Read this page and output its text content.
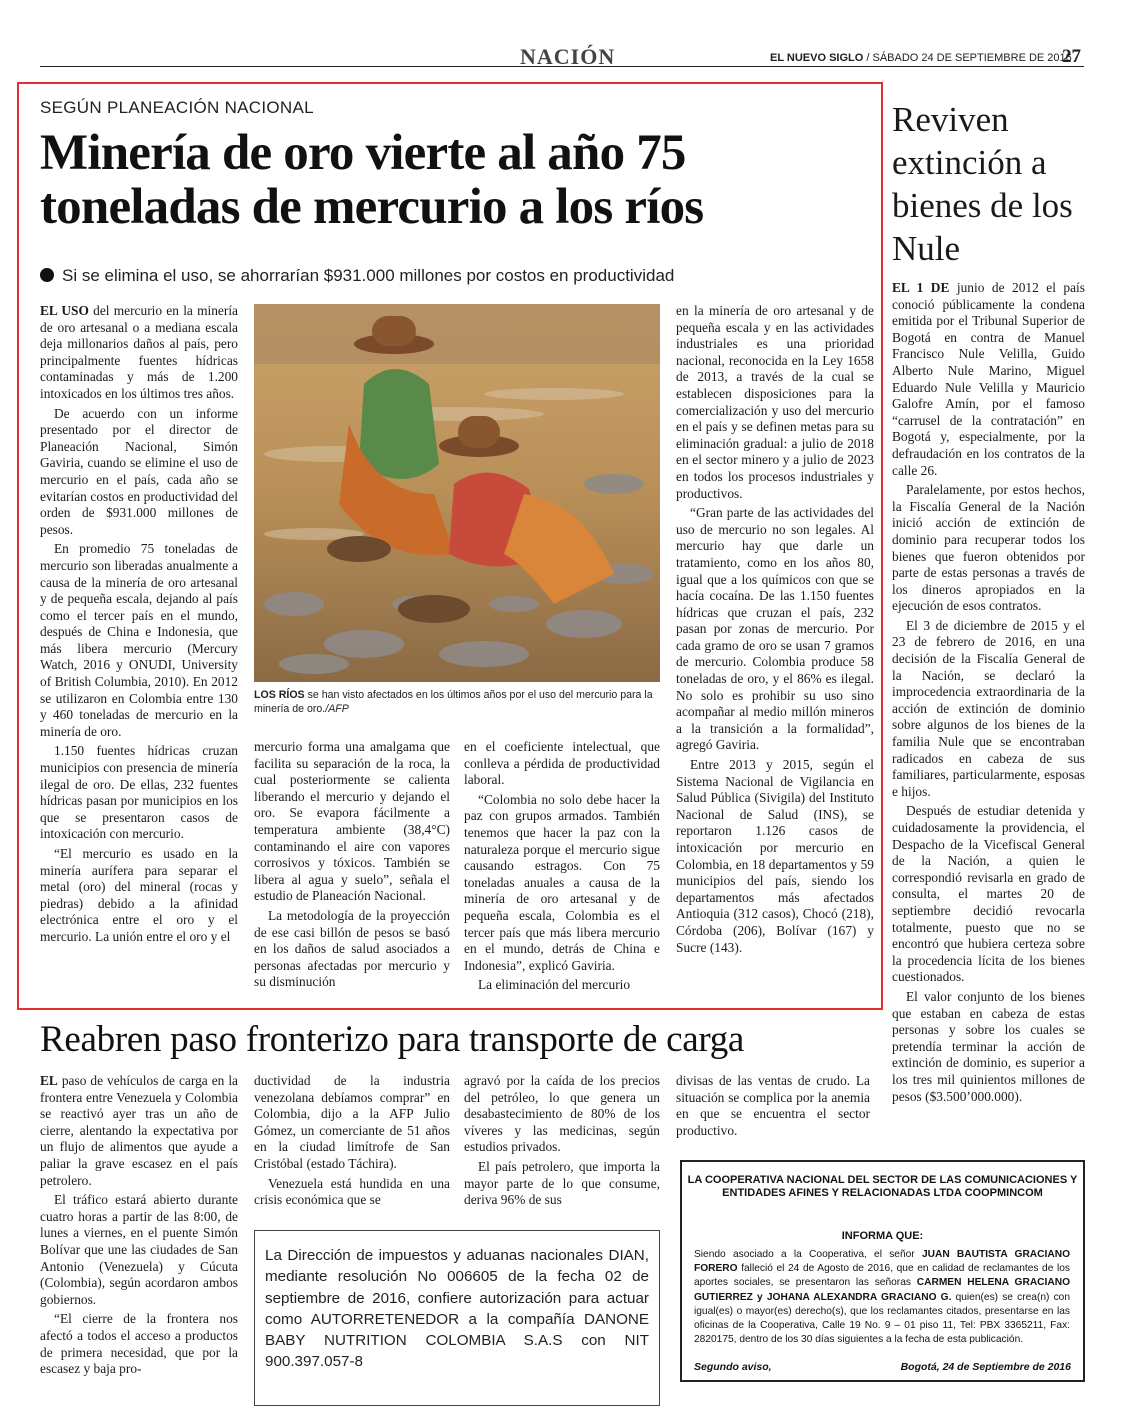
NACIÓN	EL NUEVO SIGLO / SÁBADO 24 DE SEPTIEMBRE DE 2016
27
SEGÚN PLANEACIÓN NACIONAL
Minería de oro vierte al año 75 toneladas de mercurio a los ríos
Si se elimina el uso, se ahorrarían $931.000 millones por costos en productividad

EL USO del mercurio en la minería de oro artesanal o a mediana escala deja millonarios daños al país, pero principalmente fuentes hídricas contaminadas y más de 1.200 intoxicados en los últimos tres años.

De acuerdo con un informe presentado por el director de Planeación Nacional, Simón Gaviria, cuando se elimine el uso de mercurio en el país, cada año se evitarían costos en productividad del orden de $931.000 millones de pesos.

En promedio 75 toneladas de mercurio son liberadas anualmente a causa de la minería de oro artesanal y de pequeña escala, dejando al país como el tercer país en el mundo, después de China e Indonesia, que más libera mercurio (Mercury Watch, 2016 y ONUDI, University of British Columbia, 2010). En 2012 se utilizaron en Colombia entre 130 y 460 toneladas de mercurio en la minería de oro.

1.150 fuentes hídricas cruzan municipios con presencia de minería ilegal de oro. De ellas, 232 fuentes hídricas pasan por municipios en los que se presentaron casos de intoxicación con mercurio.

“El mercurio es usado en la minería aurífera para separar el metal (oro) del mineral (rocas y piedras) debido a la afinidad electrónica entre el oro y el mercurio. La unión entre el oro y el

LOS RÍOS se han visto afectados en los últimos años por el uso del mercurio para la minería de oro./AFP

mercurio forma una amalgama que facilita su separación de la roca, la cual posteriormente se calienta liberando el mercurio y dejando el oro. Se evapora fácilmente a temperatura ambiente (38,4°C) contaminando el aire con vapores corrosivos y tóxicos. También se libera al agua y suelo”, señala el estudio de Planeación Nacional.

La metodología de la proyección de ese casi billón de pesos se basó en los daños de salud asociados a personas afectadas por mercurio y su disminución

en el coeficiente intelectual, que conlleva a pérdida de productividad laboral.

“Colombia no solo debe hacer la paz con grupos armados. También tenemos que hacer la paz con la naturaleza porque el mercurio sigue causando estragos. Con 75 toneladas anuales a causa de la minería de oro artesanal y de pequeña escala, Colombia es el tercer país que más libera mercurio en el mundo, detrás de China e Indonesia”, explicó Gaviria.

La eliminación del mercurio

en la minería de oro artesanal y de pequeña escala y en las actividades industriales es una prioridad nacional, reconocida en la Ley 1658 de 2013, a través de la cual se establecen disposiciones para la comercialización y uso del mercurio en el país y se definen metas para su eliminación gradual: a julio de 2018 en el sector minero y a julio de 2023 en todos los procesos industriales y productivos.

“Gran parte de las actividades del uso de mercurio no son legales. Al mercurio hay que darle un tratamiento, como en los años 80, igual que a los químicos con que se hacía cocaína. De las 1.150 fuentes hídricas que cruzan el país, 232 pasan por zonas de mercurio. Por cada gramo de oro se usan 7 gramos de mercurio. Colombia produce 58 toneladas de oro, y el 86% es ilegal. No solo es prohibir su uso sino acompañar al medio millón mineros a la transición a la formalidad”, agregó Gaviria.

Entre 2013 y 2015, según el Sistema Nacional de Vigilancia en Salud Pública (Sivigila) del Instituto Nacional de Salud (INS), se reportaron 1.126 casos de intoxicación por mercurio en Colombia, en 18 departamentos y 59 municipios del país, siendo los departamentos más afectados Antioquia (312 casos), Chocó (218), Córdoba (206), Bolívar (167) y Sucre (143).

Reviven extinción a bienes de los Nule

EL 1 DE junio de 2012 el país conoció públicamente la condena emitida por el Tribunal Superior de Bogotá en contra de Manuel Francisco Nule Velilla, Guido Alberto Nule Marino, Miguel Eduardo Nule Velilla y Mauricio Galofre Amín, por el famoso “carrusel de la contratación” en Bogotá y, especialmente, por la defraudación en los contratos de la calle 26.

Paralelamente, por estos hechos, la Fiscalía General de la Nación inició acción de extinción de dominio para recuperar todos los bienes que fueron obtenidos por parte de estas personas a través de los dineros apropiados en la ejecución de esos contratos.

El 3 de diciembre de 2015 y el 23 de febrero de 2016, en una decisión de la Fiscalía General de la Nación, se declaró la improcedencia extraordinaria de la acción de extinción de dominio sobre algunos de los bienes de la familia Nule que se encontraban radicados en cabeza de sus familiares, particularmente, esposas e hijos.

Después de estudiar detenida y cuidadosamente la providencia, el Despacho de la Vicefiscal General de la Nación, a quien le correspondió revisarla en grado de consulta, el martes 20 de septiembre decidió revocarla totalmente, puesto que no se encontró que hubiera certeza sobre la procedencia lícita de los bienes cuestionados.

El valor conjunto de los bienes que estaban en cabeza de estas personas y sobre los cuales se pretendía terminar la acción de extinción de dominio, es superior a los tres mil quinientos millones de pesos ($3.500’000.000).

Reabren paso fronterizo para transporte de carga

EL paso de vehículos de carga en la frontera entre Venezuela y Colombia se reactivó ayer tras un año de cierre, alentando la expectativa por un flujo de alimentos que ayude a paliar la grave escasez en el país petrolero.

El tráfico estará abierto durante cuatro horas a partir de las 8:00, de lunes a viernes, en el puente Simón Bolívar que une las ciudades de San Antonio (Venezuela) y Cúcuta (Colombia), según acordaron ambos gobiernos.

“El cierre de la frontera nos afectó a todos el acceso a productos de primera necesidad, que por la escasez y baja pro-

ductividad de la industria venezolana debíamos comprar” en Colombia, dijo a la AFP Julio Gómez, un comerciante de 51 años en la ciudad limítrofe de San Cristóbal (estado Táchira).

Venezuela está hundida en una crisis económica que se

agravó por la caída de los precios del petróleo, lo que genera un desabastecimiento de 80% de los víveres y las medicinas, según estudios privados.

El país petrolero, que importa la mayor parte de lo que consume, deriva 96% de sus

divisas de las ventas de crudo. La situación se complica por la anemia en que se encuentra el sector productivo.

La Dirección de impuestos y aduanas nacionales DIAN, mediante resolución No 006605 de la fecha 02 de septiembre de 2016, confiere autorización para actuar como AUTORRETENEDOR a la compañía DANONE BABY NUTRITION COLOMBIA S.A.S con NIT 900.397.057-8
LA COOPERATIVA NACIONAL DEL SECTOR DE LAS COMUNICACIONES Y ENTIDADES AFINES Y RELACIONADAS LTDA COOPMINCOM
INFORMA QUE:
Siendo asociado a la Cooperativa, el señor JUAN BAUTISTA GRACIANO FORERO falleció el 24 de Agosto de 2016, que en calidad de reclamantes de los aportes sociales, se presentaron las señoras CARMEN HELENA GRACIANO GUTIERREZ y JOHANA ALEXANDRA GRACIANO G. quien(es) se crea(n) con igual(es) o mayor(es) derecho(s), que los reclamantes citados, presentarse en las oficinas de la Cooperativa, Calle 19 No. 9 – 01 piso 11, Tel: PBX 3365211, Fax: 2820175, dentro de los 30 días siguientes a la fecha de esta publicación.
Segundo aviso,	Bogotá, 24 de Septiembre de 2016
